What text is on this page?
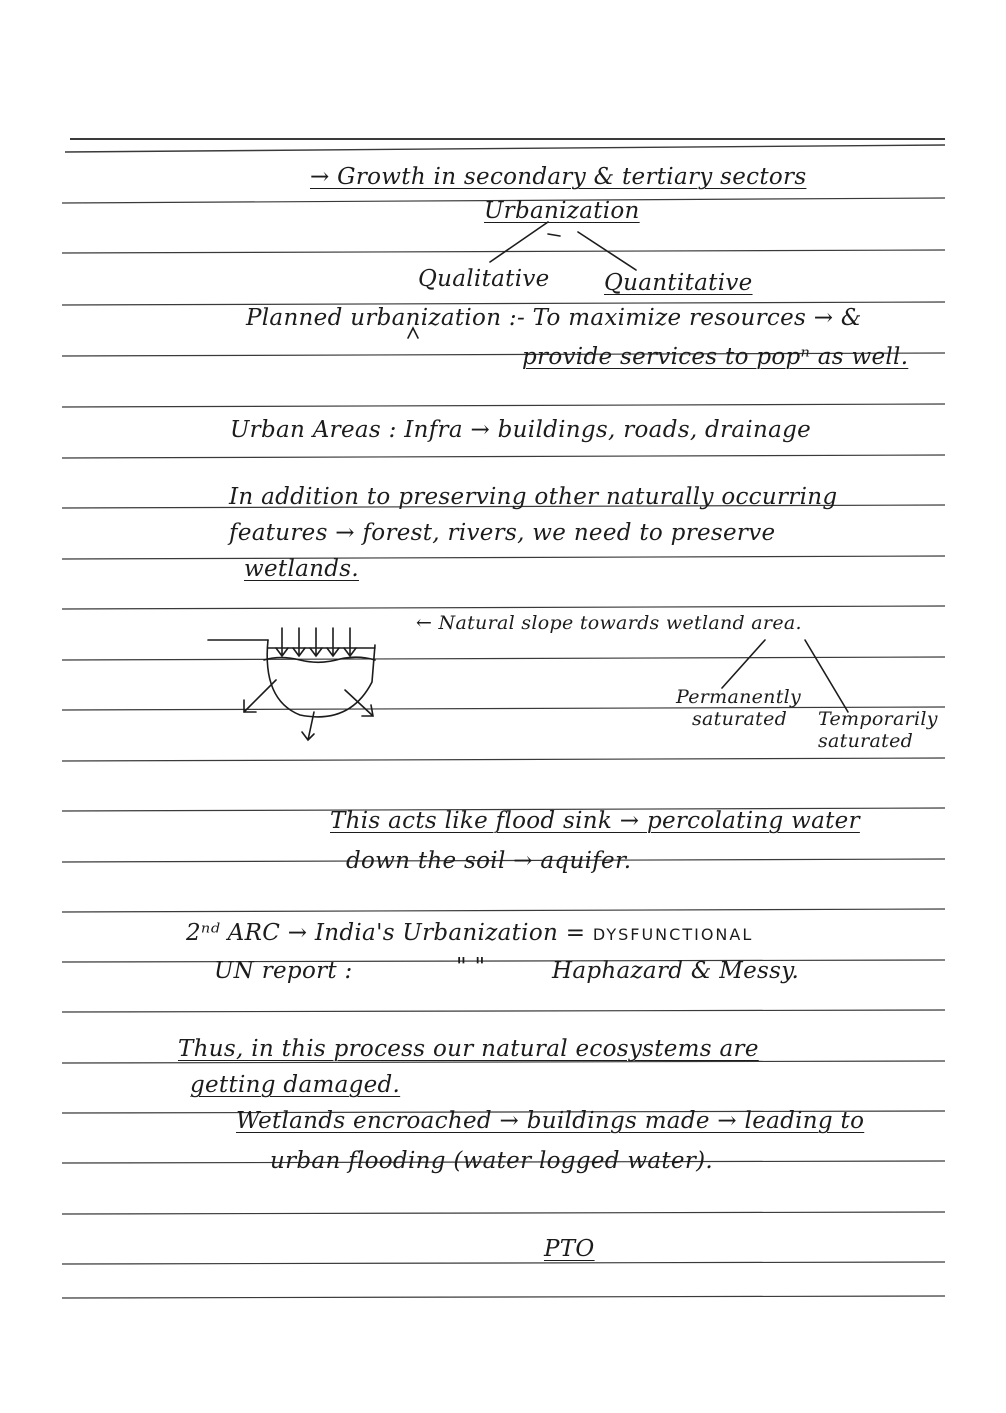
→ Growth in secondary & tertiary sectors
Urbanization
Qualitative Quantitative
Planned urbanization :- To maximize resources → &
provide services to popⁿ as well.
Urban Areas : Infra → buildings, roads, drainage
In addition to preserving other naturally occurring
features → forest, rivers, we need to preserve
wetlands.
← Natural slope towards wetland area.
Permanently
saturated Temporarily
saturated
This acts like flood sink → percolating water
down the soil → aquifer.
2ⁿᵈ ARC → India's Urbanization = DYSFUNCTIONAL
UN report :	" "	Haphazard & Messy.
Thus, in this process our natural ecosystems are
getting damaged.
Wetlands encroached → buildings made → leading to
urban flooding (water logged water).
PTO
